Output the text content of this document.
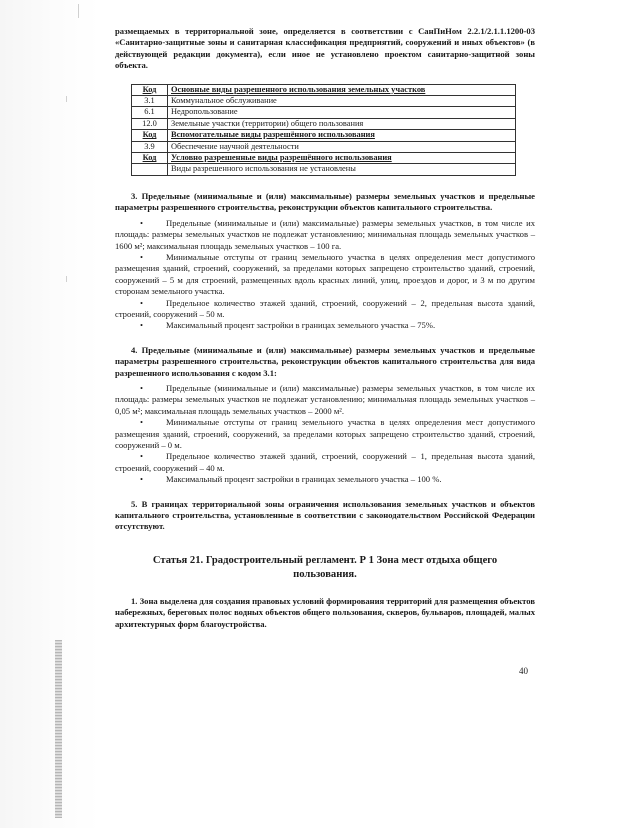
размещаемых в территориальной зоне, определяется в соответствии с СанПиНом 2.2.1/2.1.1.1200-03 «Санитарно-защитные зоны и санитарная классификация предприятий, сооружений и иных объектов» (в действующей редакции документа), если иное не установлено проектом санитарно-защитной зоны объекта.

Код	Основные виды разрешенного использования земельных участков
3.1	Коммунальное обслуживание
6.1	Недропользование
12.0	Земельные участки (территории) общего пользования
Код	Вспомогательные виды разрешённого использования
3.9	Обеспечение научной деятельности
Код	Условно разрешенные виды разрешённого использования
	Виды разрешенного использования не установлены

3. Предельные (минимальные и (или) максимальные) размеры земельных участков и предельные параметры разрешенного строительства, реконструкции объектов капитального строительства.

•	Предельные (минимальные и (или) максимальные) размеры земельных участков, в том числе их площадь: размеры земельных участков не подлежат установлению; минимальная площадь земельных участков – 1600 м²; максимальная площадь земельных участков – 100 га.

•	Минимальные отступы от границ земельного участка в целях определения мест допустимого размещения зданий, строений, сооружений, за пределами которых запрещено строительство зданий, строений, сооружений – 5 м для строений, размещенных вдоль красных линий, улиц, проездов и дорог, и 3 м по другим сторонам земельного участка.

•	Предельное количество этажей зданий, строений, сооружений – 2, предельная высота зданий, строений, сооружений – 50 м.

•	Максимальный процент застройки в границах земельного участка – 75%.

4. Предельные (минимальные и (или) максимальные) размеры земельных участков и предельные параметры разрешенного строительства, реконструкции объектов капитального строительства для вида разрешенного использования с кодом 3.1:

•	Предельные (минимальные и (или) максимальные) размеры земельных участков, в том числе их площадь: размеры земельных участков не подлежат установлению; минимальная площадь земельных участков – 0,05 м²; максимальная площадь земельных участков – 2000 м².

•	Минимальные отступы от границ земельного участка в целях определения мест допустимого размещения зданий, строений, сооружений, за пределами которых запрещено строительство зданий, строений, сооружений – 0 м.

•	Предельное количество этажей зданий, строений, сооружений – 1, предельная высота зданий, строений, сооружений – 40 м.

•	Максимальный процент застройки в границах земельного участка – 100 %.

5. В границах территориальной зоны ограничения использования земельных участков и объектов капитального строительства, установленные в соответствии с законодательством Российской Федерации отсутствуют.

Статья 21. Градостроительный регламент. Р 1 Зона мест отдыха общего пользования.

1. Зона выделена для создания правовых условий формирования территорий для размещения объектов набережных, береговых полос водных объектов общего пользования, скверов, бульваров, площадей, малых архитектурных форм благоустройства.

40
